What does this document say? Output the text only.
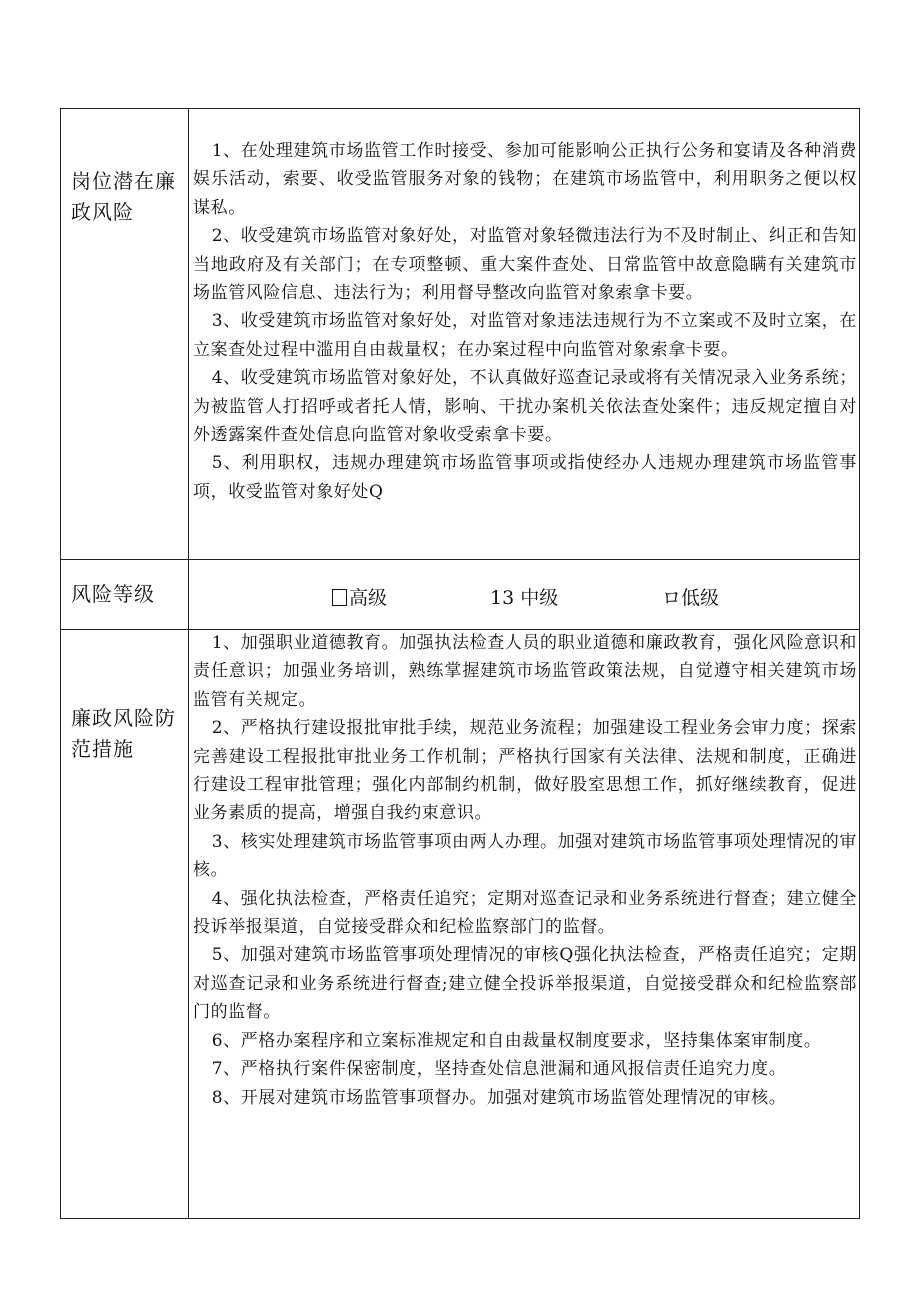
岗位潜在廉政风险

1、在处理建筑市场监管工作时接受、参加可能影响公正执行公务和宴请及各种消费娱乐活动，索要、收受监管服务对象的钱物；在建筑市场监管中，利用职务之便以权谋私。

2、收受建筑市场监管对象好处，对监管对象轻微违法行为不及时制止、纠正和告知当地政府及有关部门；在专项整顿、重大案件查处、日常监管中故意隐瞒有关建筑市场监管风险信息、违法行为；利用督导整改向监管对象索拿卡要。

3、收受建筑市场监管对象好处，对监管对象违法违规行为不立案或不及时立案，在立案查处过程中滥用自由裁量权；在办案过程中向监管对象索拿卡要。

4、收受建筑市场监管对象好处，不认真做好巡查记录或将有关情况录入业务系统；为被监管人打招呼或者托人情，影响、干扰办案机关依法查处案件；违反规定擅自对外透露案件查处信息向监管对象收受索拿卡要。

5、利用职权，违规办理建筑市场监管事项或指使经办人违规办理建筑市场监管事项，收受监管对象好处Q

风险等级	高级	13 中级	ロ低级
廉政风险防范措施

1、加强职业道德教育。加强执法检查人员的职业道德和廉政教育，强化风险意识和责任意识；加强业务培训，熟练掌握建筑市场监管政策法规，自觉遵守相关建筑市场监管有关规定。

2、严格执行建设报批审批手续，规范业务流程；加强建设工程业务会审力度；探索完善建设工程报批审批业务工作机制；严格执行国家有关法律、法规和制度，正确进行建设工程审批管理；强化内部制约机制，做好股室思想工作，抓好继续教育，促进业务素质的提高，增强自我约束意识。

3、核实处理建筑市场监管事项由两人办理。加强对建筑市场监管事项处理情况的审核。

4、强化执法检查，严格责任追究；定期对巡查记录和业务系统进行督查；建立健全投诉举报渠道，自觉接受群众和纪检监察部门的监督。

5、加强对建筑市场监管事项处理情况的审核Q强化执法检查，严格责任追究；定期对巡查记录和业务系统进行督查;建立健全投诉举报渠道，自觉接受群众和纪检监察部门的监督。

6、严格办案程序和立案标准规定和自由裁量权制度要求，坚持集体案审制度。

7、严格执行案件保密制度，坚持查处信息泄漏和通风报信责任追究力度。

8、开展对建筑市场监管事项督办。加强对建筑市场监管处理情况的审核。
